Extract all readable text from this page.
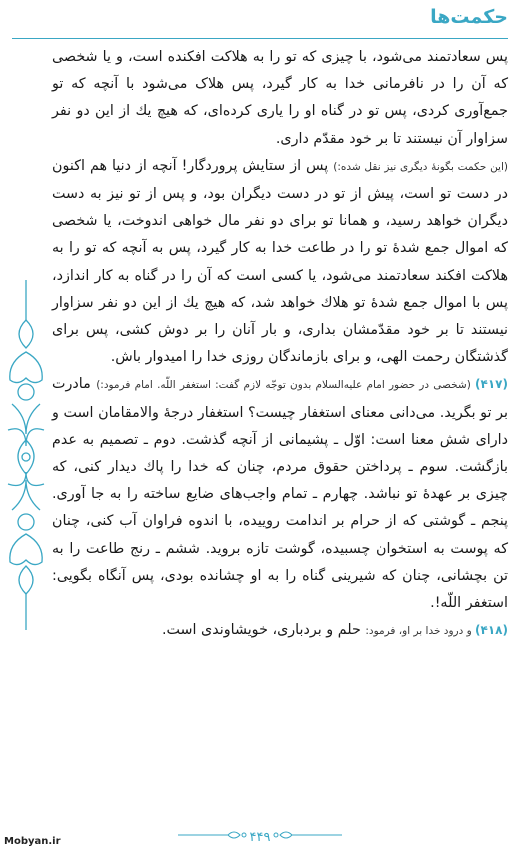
حکمت‌ها

پس سعادتمند می‌شود، با چیزی که تو را به هلاکت افکنده است، و یا شخصی که آن را در نافرمانی خدا به کار گیرد، پس هلاک می‌شود با آنچه که تو جمع‌آوری کردی، پس تو در گناه او را یاری کرده‌ای، که هیچ یك از این دو نفر سزاوار آن نیستند تا بر خود مقدّم داری.

(این حکمت بگونۀ دیگری نیز نقل شده:) پس از ستایش پروردگار! آنچه از دنیا هم اکنون در دست تو است، پیش از تو در دست دیگران بود، و پس از تو نیز به دست دیگران خواهد رسید، و همانا تو برای دو نفر مال خواهی اندوخت، یا شخصی که اموال جمع شدۀ تو را در طاعت خدا به کار گیرد، پس به آنچه که تو را به هلاکت افکند سعادتمند می‌شود، یا کسی است که آن را در گناه به کار اندازد، پس با اموال جمع شدۀ تو هلاك خواهد شد، که هیچ یك از این دو نفر سزاوار نیستند تا بر خود مقدّمشان بداری، و بار آنان را بر دوش کشی، پس برای گذشتگان رحمت الهی، و برای بازماندگان روزی خدا را امیدوار باش.

(۴۱۷) (شخصی در حضور امام علیه‌السلام بدون توجّه لازم گفت: استغفر اللّه. امام فرمود:) مادرت بر تو بگرید. می‌دانی معنای استغفار چیست؟ استغفار درجۀ والامقامان است و دارای شش معنا است: اوّل ـ پشیمانی از آنچه گذشت. دوم ـ تصمیم به عدم بازگشت. سوم ـ پرداختن حقوق مردم، چنان که خدا را پاك دیدار کنی، که چیزی بر عهدۀ تو نباشد. چهارم ـ تمام واجب‌های ضایع ساخته را به جا آوری. پنجم ـ گوشتی که از حرام بر اندامت روییده، با اندوه فراوان آب کنی، چنان که پوست به استخوان چسبیده، گوشت تازه بروید. ششم ـ رنج طاعت را به تن بچشانی، چنان که شیرینی گناه را به او چشانده بودی، پس آنگاه بگویی: استغفر اللّه!.

(۴۱۸) و درود خدا بر او، فرمود: حلم و بردباری، خویشاوندی است.

Mobyan.ir	۴۴۹
